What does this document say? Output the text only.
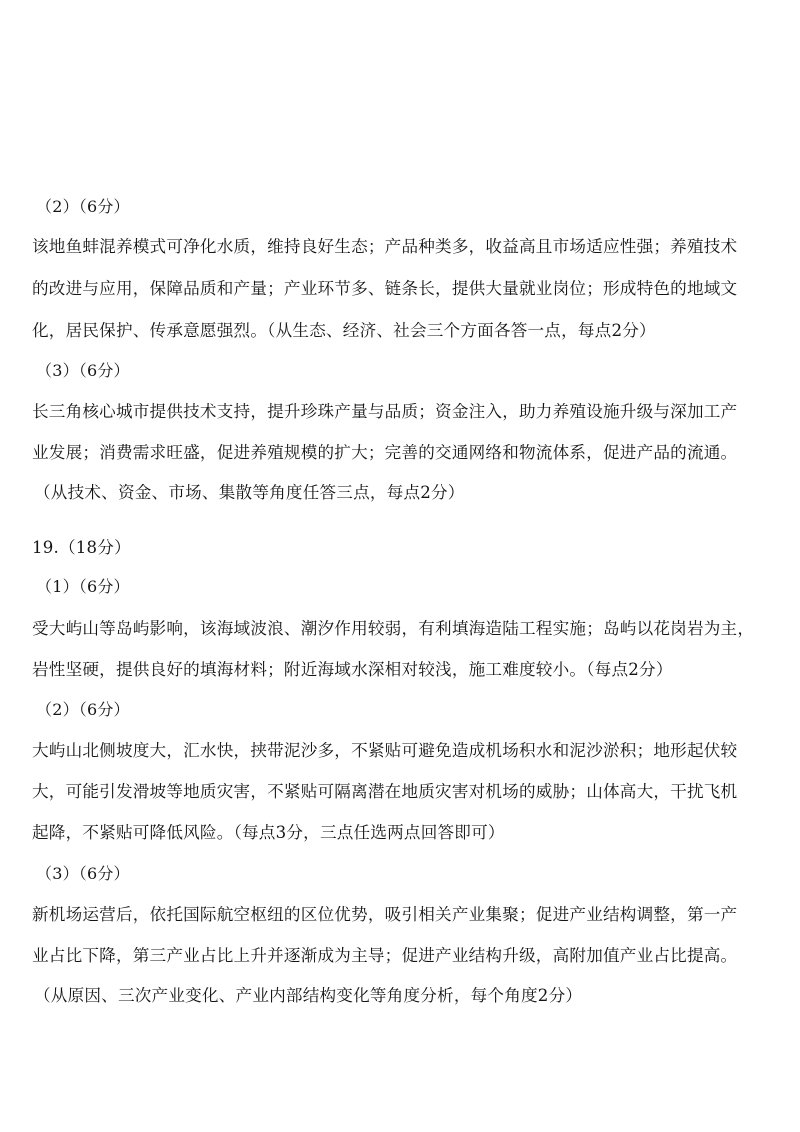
（2）（6分）
该地鱼蚌混养模式可净化水质，维持良好生态；产品种类多，收益高且市场适应性强；养殖技术
的改进与应用，保障品质和产量；产业环节多、链条长，提供大量就业岗位；形成特色的地域文
化，居民保护、传承意愿强烈。（从生态、经济、社会三个方面各答一点，每点2分）
（3）（6分）
长三角核心城市提供技术支持，提升珍珠产量与品质；资金注入，助力养殖设施升级与深加工产
业发展；消费需求旺盛，促进养殖规模的扩大；完善的交通网络和物流体系，促进产品的流通。
（从技术、资金、市场、集散等角度任答三点，每点2分）
19.（18分）
（1）（6分）
受大屿山等岛屿影响，该海域波浪、潮汐作用较弱，有利填海造陆工程实施；岛屿以花岗岩为主，
岩性坚硬，提供良好的填海材料；附近海域水深相对较浅，施工难度较小。（每点2分）
（2）（6分）
大屿山北侧坡度大，汇水快，挟带泥沙多，不紧贴可避免造成机场积水和泥沙淤积；地形起伏较
大，可能引发滑坡等地质灾害，不紧贴可隔离潜在地质灾害对机场的威胁；山体高大，干扰飞机
起降，不紧贴可降低风险。（每点3分，三点任选两点回答即可）
（3）（6分）
新机场运营后，依托国际航空枢纽的区位优势，吸引相关产业集聚；促进产业结构调整，第一产
业占比下降，第三产业占比上升并逐渐成为主导；促进产业结构升级，高附加值产业占比提高。
（从原因、三次产业变化、产业内部结构变化等角度分析，每个角度2分）
